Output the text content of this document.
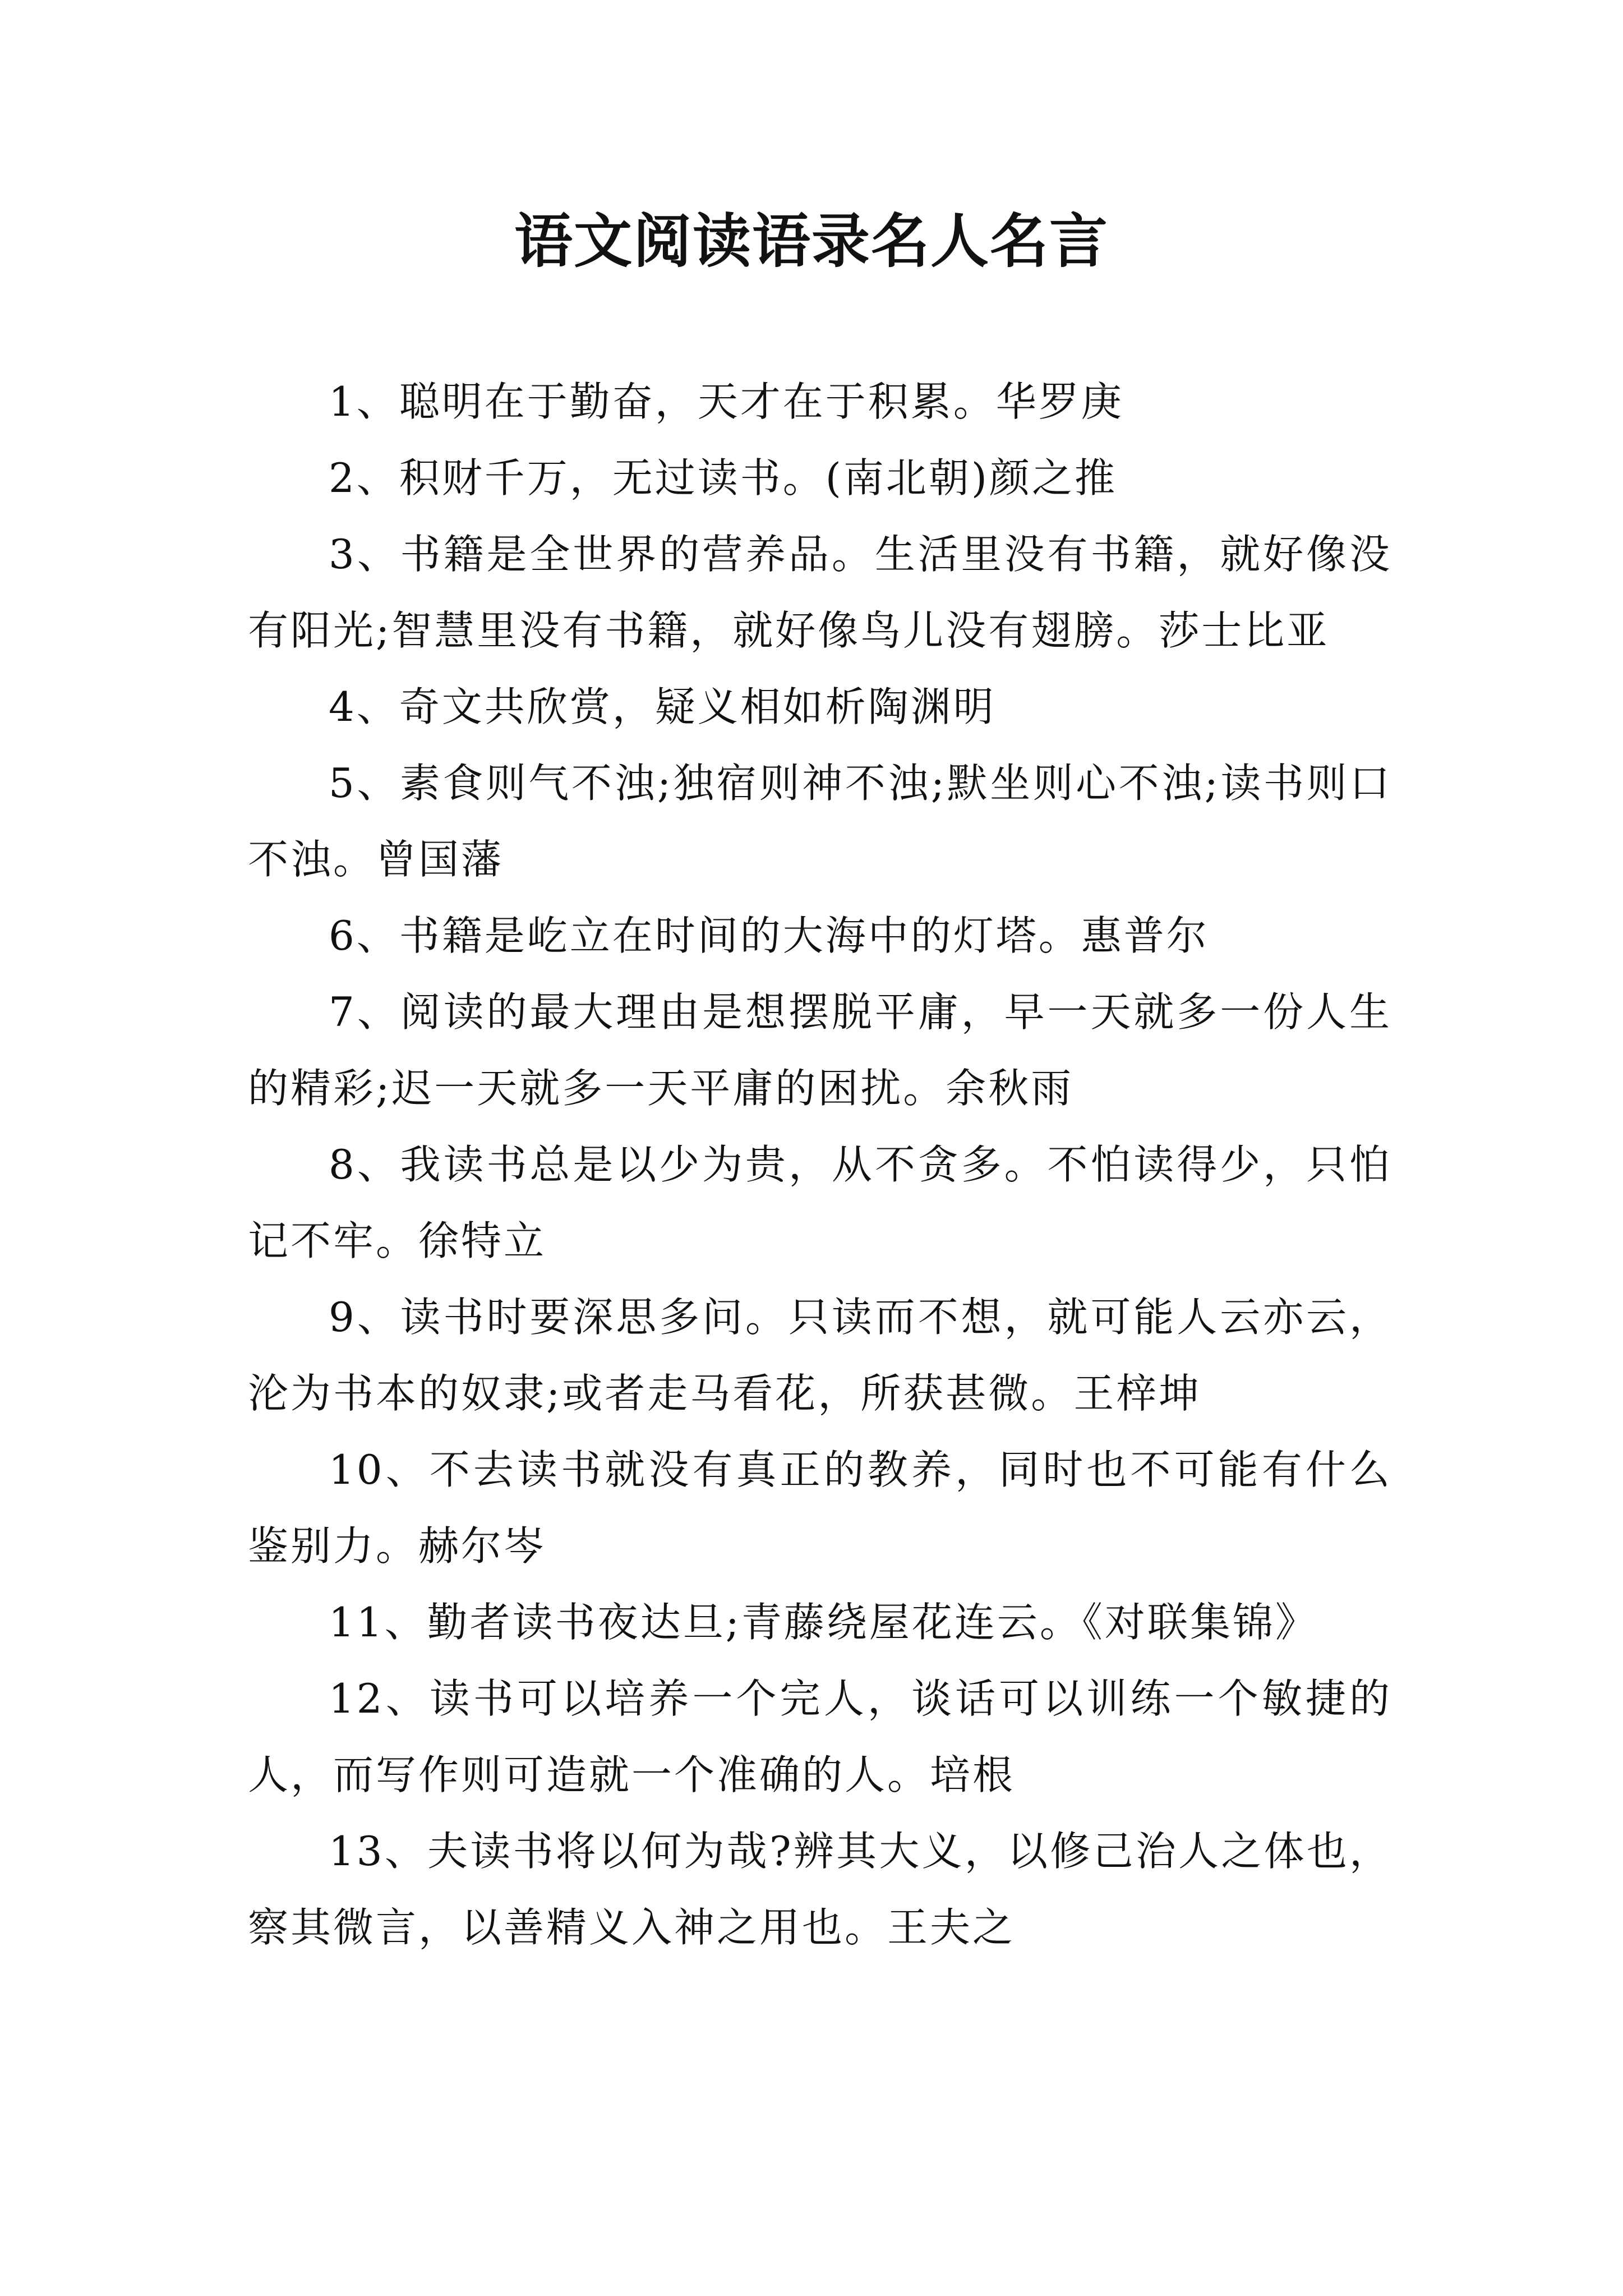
语文阅读语录名人名言
1、聪明在于勤奋，天才在于积累。华罗庚
2、积财千万，无过读书。(南北朝)颜之推
3、书籍是全世界的营养品。生活里没有书籍，就好像没有阳光;智慧里没有书籍，就好像鸟儿没有翅膀。莎士比亚
4、奇文共欣赏，疑义相如析陶渊明
5、素食则气不浊;独宿则神不浊;默坐则心不浊;读书则口不浊。曾国藩
6、书籍是屹立在时间的大海中的灯塔。惠普尔
7、阅读的最大理由是想摆脱平庸，早一天就多一份人生的精彩;迟一天就多一天平庸的困扰。余秋雨
8、我读书总是以少为贵，从不贪多。不怕读得少，只怕记不牢。徐特立
9、读书时要深思多问。只读而不想，就可能人云亦云，沦为书本的奴隶;或者走马看花，所获甚微。王梓坤
10、不去读书就没有真正的教养，同时也不可能有什么鉴别力。赫尔岑
11、勤者读书夜达旦;青藤绕屋花连云。《对联集锦》
12、读书可以培养一个完人，谈话可以训练一个敏捷的人，而写作则可造就一个准确的人。培根
13、夫读书将以何为哉?辨其大义，以修己治人之体也，察其微言，以善精义入神之用也。王夫之
